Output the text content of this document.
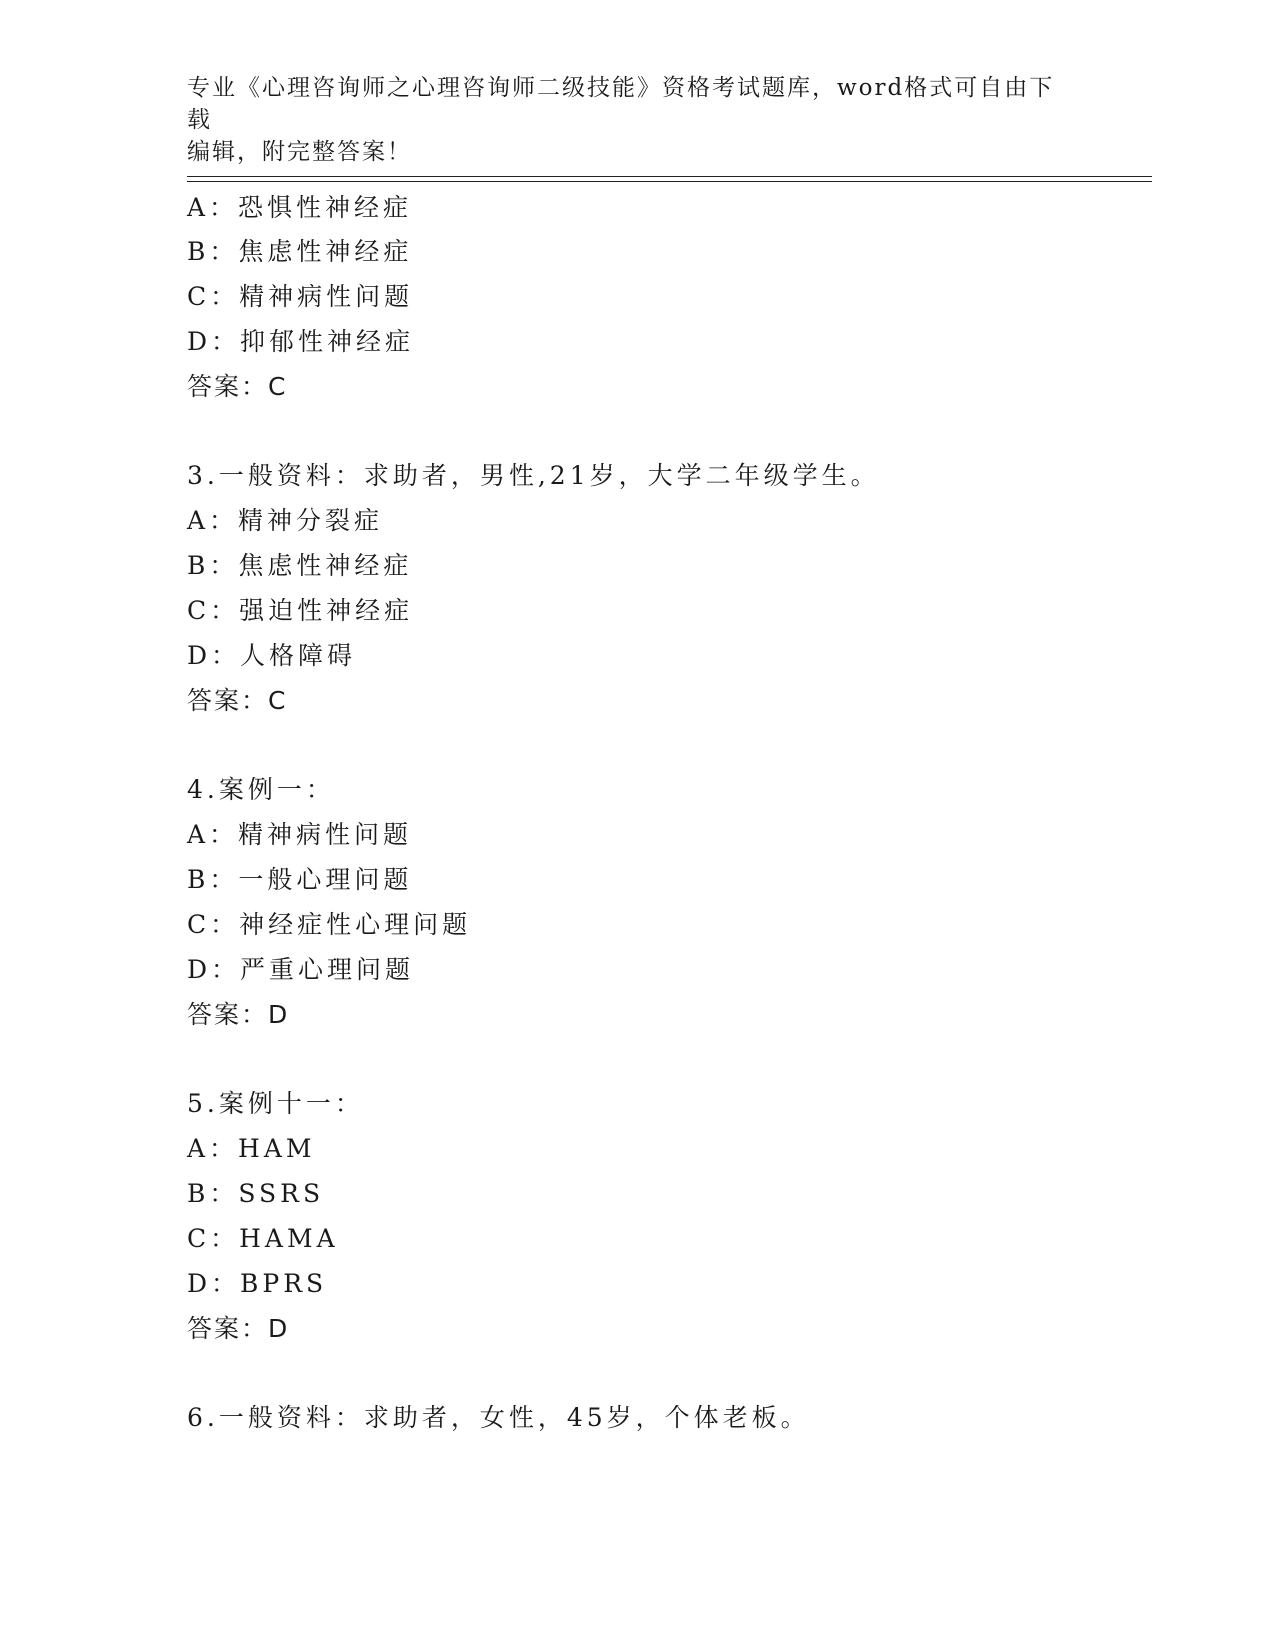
专业《心理咨询师之心理咨询师二级技能》资格考试题库，word格式可自由下载
编辑，附完整答案！
A：恐惧性神经症
B：焦虑性神经症
C：精神病性问题
D：抑郁性神经症
答案：C
3.一般资料：求助者，男性,21岁，大学二年级学生。
A：精神分裂症
B：焦虑性神经症
C：强迫性神经症
D：人格障碍
答案：C
4.案例一：
A：精神病性问题
B：一般心理问题
C：神经症性心理问题
D：严重心理问题
答案：D
5.案例十一：
A：HAM
B：SSRS
C：HAMA
D：BPRS
答案：D
6.一般资料：求助者，女性，45岁，个体老板。
